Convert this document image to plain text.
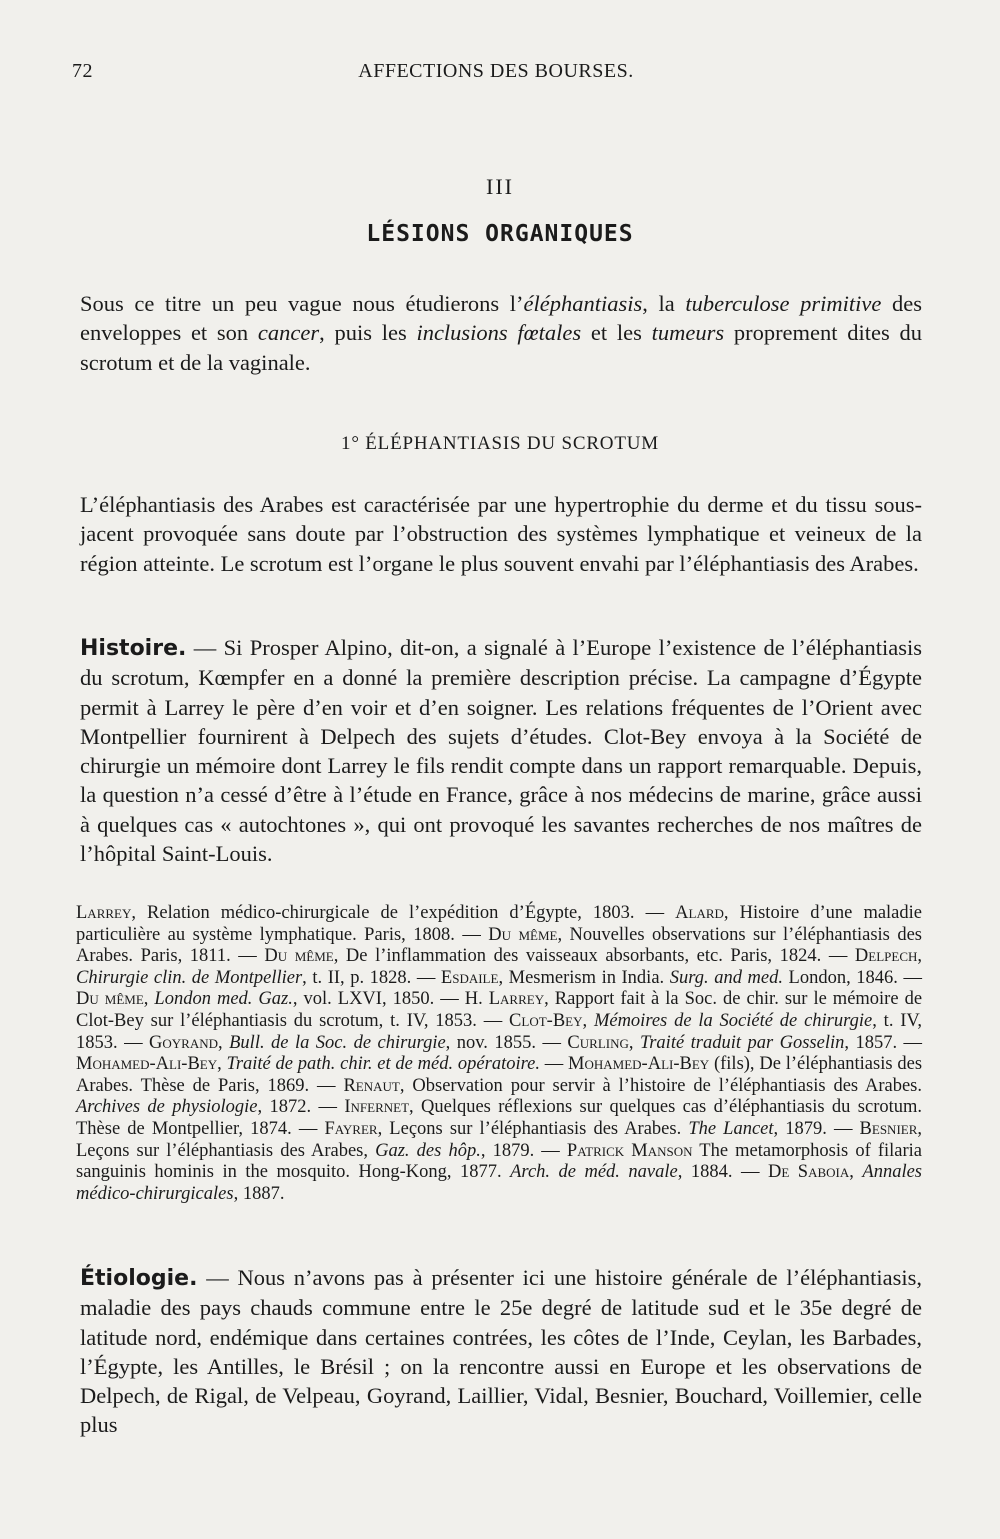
72	AFFECTIONS DES BOURSES.
III
LÉSIONS ORGANIQUES

Sous ce titre un peu vague nous étudierons l’éléphantiasis, la tuberculose primitive des enveloppes et son cancer, puis les inclusions fœtales et les tumeurs proprement dites du scrotum et de la vaginale.

1° ÉLÉPHANTIASIS DU SCROTUM

L’éléphantiasis des Arabes est caractérisée par une hypertrophie du derme et du tissu sous-jacent provoquée sans doute par l’obstruction des systèmes lymphatique et veineux de la région atteinte. Le scrotum est l’organe le plus souvent envahi par l’éléphantiasis des Arabes.

Histoire. — Si Prosper Alpino, dit-on, a signalé à l’Europe l’existence de l’éléphantiasis du scrotum, Kœmpfer en a donné la première description précise. La campagne d’Égypte permit à Larrey le père d’en voir et d’en soigner. Les relations fréquentes de l’Orient avec Montpellier fournirent à Delpech des sujets d’études. Clot-Bey envoya à la Société de chirurgie un mémoire dont Larrey le fils rendit compte dans un rapport remarquable. Depuis, la question n’a cessé d’être à l’étude en France, grâce à nos médecins de marine, grâce aussi à quelques cas « autochtones », qui ont provoqué les savantes recherches de nos maîtres de l’hôpital Saint-Louis.

Larrey, Relation médico-chirurgicale de l’expédition d’Égypte, 1803. — Alard, Histoire d’une maladie particulière au système lymphatique. Paris, 1808. — Du même, Nouvelles observations sur l’éléphantiasis des Arabes. Paris, 1811. — Du même, De l’inflammation des vaisseaux absorbants, etc. Paris, 1824. — Delpech, Chirurgie clin. de Montpellier, t. II, p. 1828. — Esdaile, Mesmerism in India. Surg. and med. London, 1846. — Du même, London med. Gaz., vol. LXVI, 1850. — H. Larrey, Rapport fait à la Soc. de chir. sur le mémoire de Clot-Bey sur l’éléphantiasis du scrotum, t. IV, 1853. — Clot-Bey, Mémoires de la Société de chirurgie, t. IV, 1853. — Goyrand, Bull. de la Soc. de chirurgie, nov. 1855. — Curling, Traité traduit par Gosselin, 1857. — Mohamed-Ali-Bey, Traité de path. chir. et de méd. opératoire. — Mohamed-Ali-Bey (fils), De l’éléphantiasis des Arabes. Thèse de Paris, 1869. — Renaut, Observation pour servir à l’histoire de l’éléphantiasis des Arabes. Archives de physiologie, 1872. — Infernet, Quelques réflexions sur quelques cas d’éléphantiasis du scrotum. Thèse de Montpellier, 1874. — Fayrer, Leçons sur l’éléphantiasis des Arabes. The Lancet, 1879. — Besnier, Leçons sur l’éléphantiasis des Arabes, Gaz. des hôp., 1879. — Patrick Manson The metamorphosis of filaria sanguinis hominis in the mosquito. Hong-Kong, 1877. Arch. de méd. navale, 1884. — De Saboia, Annales médico-chirurgicales, 1887.

Étiologie. — Nous n’avons pas à présenter ici une histoire générale de l’éléphantiasis, maladie des pays chauds commune entre le 25e degré de latitude sud et le 35e degré de latitude nord, endémique dans certaines contrées, les côtes de l’Inde, Ceylan, les Barbades, l’Égypte, les Antilles, le Brésil ; on la rencontre aussi en Europe et les observations de Delpech, de Rigal, de Velpeau, Goyrand, Laillier, Vidal, Besnier, Bouchard, Voillemier, celle plus
